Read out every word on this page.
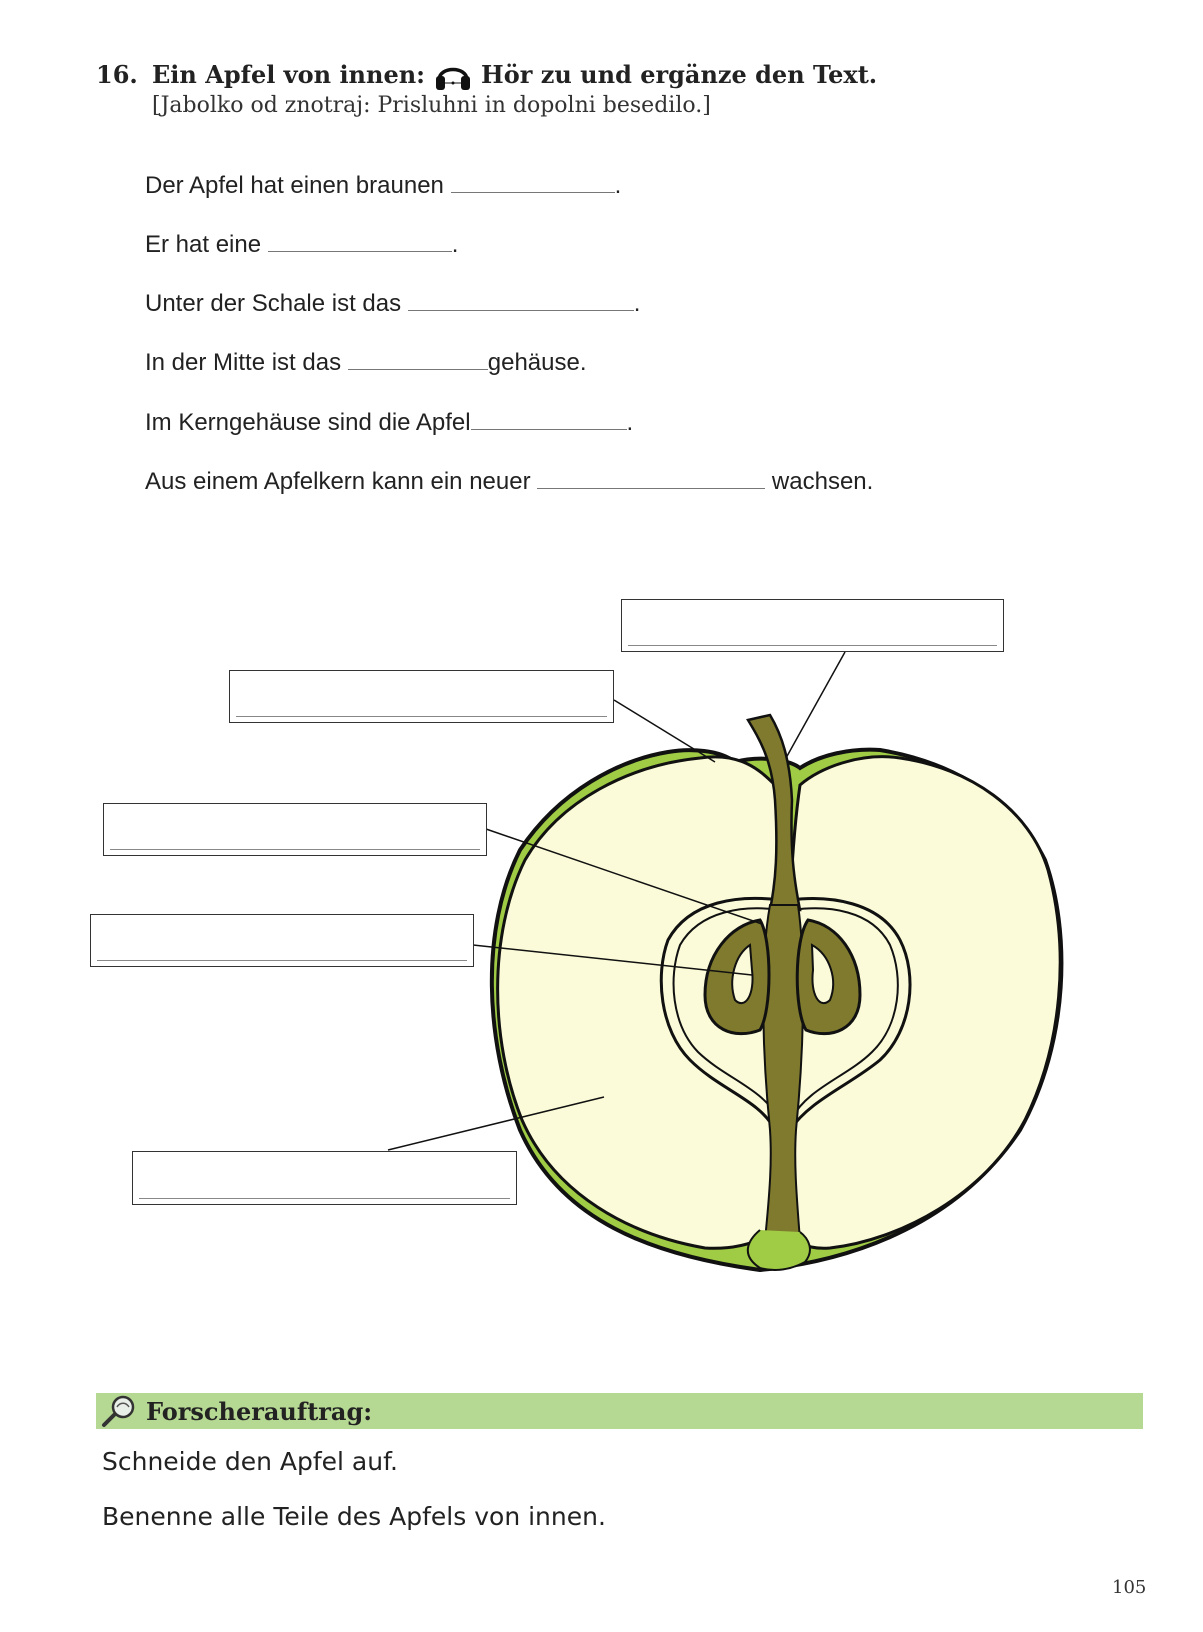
16. Ein Apfel von innen: Hör zu und ergänze den Text.
[Jabolko od znotraj: Prisluhni in dopolni besedilo.]
Der Apfel hat einen braunen	.
Er hat eine	.
Unter der Schale ist das	.
In der Mitte ist das	gehäuse.
Im Kerngehäuse sind die Apfel	.
Aus einem Apfelkern kann ein neuer	wachsen.
Forscherauftrag:
Schneide den Apfel auf.
Benenne alle Teile des Apfels von innen.
105
